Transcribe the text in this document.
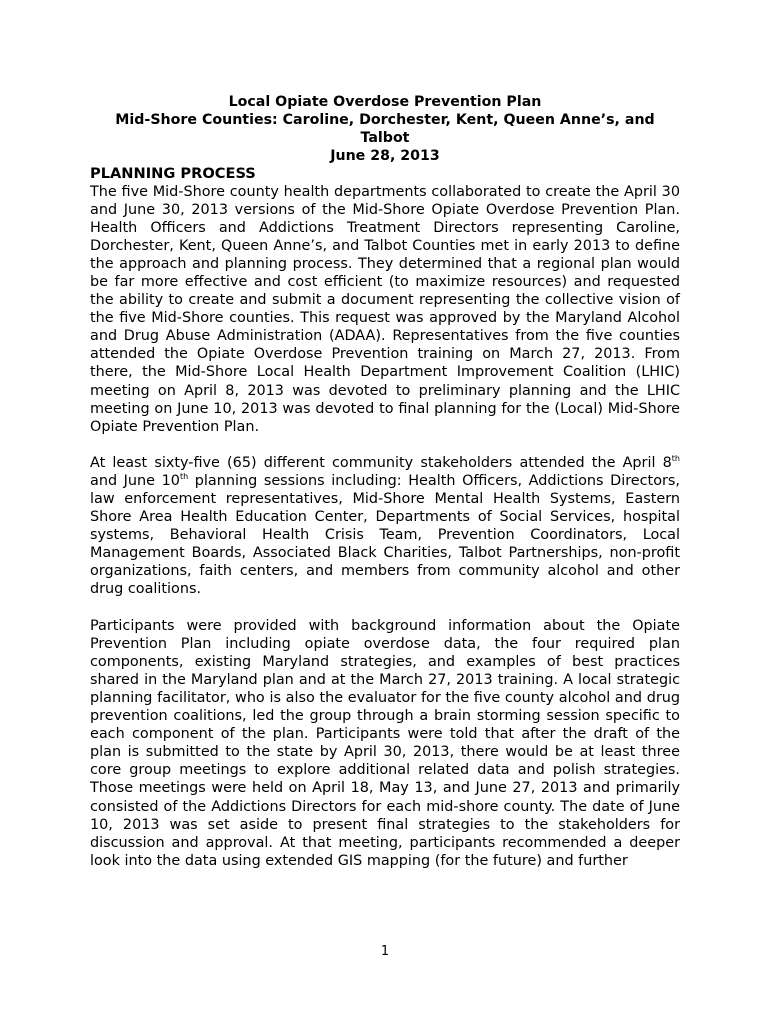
Local Opiate Overdose Prevention Plan

Mid-Shore Counties: Caroline, Dorchester, Kent, Queen Anne’s, and Talbot

June 28, 2013

PLANNING PROCESS

The five Mid-Shore county health departments collaborated to create the April 30 and June 30, 2013 versions of the Mid-Shore Opiate Overdose Prevention Plan. Health Officers and Addictions Treatment Directors representing Caroline, Dorchester, Kent, Queen Anne’s, and Talbot Counties met in early 2013 to define the approach and planning process. They determined that a regional plan would be far more effective and cost efficient (to maximize resources) and requested the ability to create and submit a document representing the collective vision of the five Mid-Shore counties. This request was approved by the Maryland Alcohol and Drug Abuse Administration (ADAA). Representatives from the five counties attended the Opiate Overdose Prevention training on March 27, 2013. From there, the Mid-Shore Local Health Department Improvement Coalition (LHIC) meeting on April 8, 2013 was devoted to preliminary planning and the LHIC meeting on June 10, 2013 was devoted to final planning for the (Local) Mid-Shore Opiate Prevention Plan.

At least sixty-five (65) different community stakeholders attended the April 8th and June 10th planning sessions including: Health Officers, Addictions Directors, law enforcement representatives, Mid-Shore Mental Health Systems, Eastern Shore Area Health Education Center, Departments of Social Services, hospital systems, Behavioral Health Crisis Team, Prevention Coordinators, Local Management Boards, Associated Black Charities, Talbot Partnerships, non-profit organizations, faith centers, and members from community alcohol and other drug coalitions.

Participants were provided with background information about the Opiate Prevention Plan including opiate overdose data, the four required plan components, existing Maryland strategies, and examples of best practices shared in the Maryland plan and at the March 27, 2013 training. A local strategic planning facilitator, who is also the evaluator for the five county alcohol and drug prevention coalitions, led the group through a brain storming session specific to each component of the plan. Participants were told that after the draft of the plan is submitted to the state by April 30, 2013, there would be at least three core group meetings to explore additional related data and polish strategies. Those meetings were held on April 18, May 13, and June 27, 2013 and primarily consisted of the Addictions Directors for each mid-shore county. The date of June 10, 2013 was set aside to present final strategies to the stakeholders for discussion and approval. At that meeting, participants recommended a deeper look into the data using extended GIS mapping (for the future) and further

1
